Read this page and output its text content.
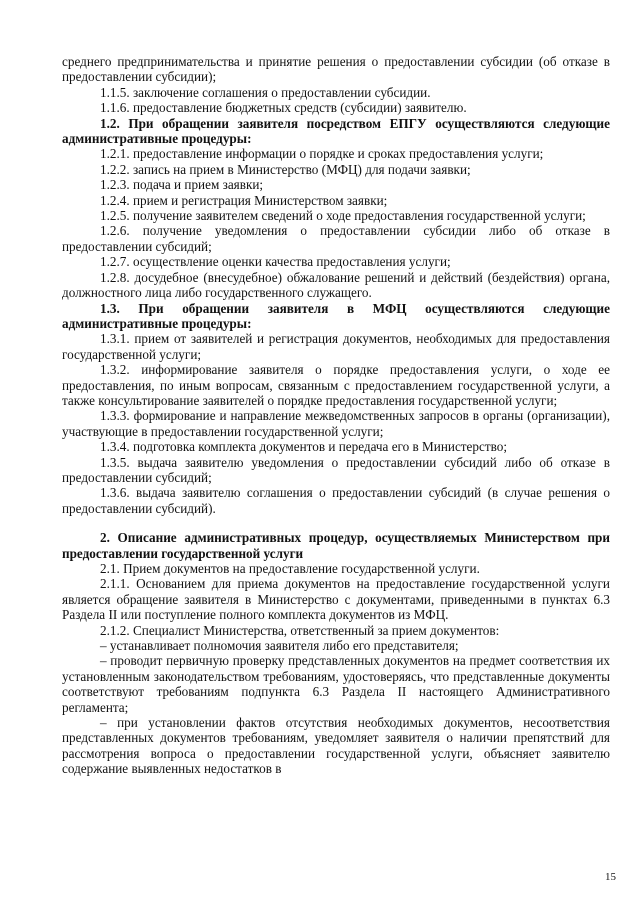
среднего предпринимательства и принятие решения о предоставлении субсидии (об отказе в предоставлении субсидии);

1.1.5. заключение соглашения о предоставлении субсидии.

1.1.6. предоставление бюджетных средств (субсидии) заявителю.

1.2. При обращении заявителя посредством ЕПГУ осуществляются следующие административные процедуры:

1.2.1. предоставление информации о порядке и сроках предоставления услуги;

1.2.2. запись на прием в Министерство (МФЦ) для подачи заявки;

1.2.3. подача и прием заявки;

1.2.4. прием и регистрация Министерством заявки;

1.2.5. получение заявителем сведений о ходе предоставления государственной услуги;

1.2.6. получение уведомления о предоставлении субсидии либо об отказе в предоставлении субсидий;

1.2.7. осуществление оценки качества предоставления услуги;

1.2.8. досудебное (внесудебное) обжалование решений и действий (бездействия) органа, должностного лица либо государственного служащего.

1.3. При обращении заявителя в МФЦ осуществляются следующие административные процедуры:

1.3.1. прием от заявителей и регистрация документов, необходимых для предоставления государственной услуги;

1.3.2. информирование заявителя о порядке предоставления услуги, о ходе ее предоставления, по иным вопросам, связанным с предоставлением государственной услуги, а также консультирование заявителей о порядке предоставления государственной услуги;

1.3.3. формирование и направление межведомственных запросов в органы (организации), участвующие в предоставлении государственной услуги;

1.3.4. подготовка комплекта документов и передача его в Министерство;

1.3.5. выдача заявителю уведомления о предоставлении субсидий либо об отказе в предоставлении субсидий;

1.3.6. выдача заявителю соглашения о предоставлении субсидий (в случае решения о предоставлении субсидий).

2. Описание административных процедур, осуществляемых Министерством при предоставлении государственной услуги

2.1. Прием документов на предоставление государственной услуги.

2.1.1. Основанием для приема документов на предоставление государственной услуги является обращение заявителя в Министерство с документами, приведенными в пунктах 6.3 Раздела II или поступление полного комплекта документов из МФЦ.

2.1.2. Специалист Министерства, ответственный за прием документов:

– устанавливает полномочия заявителя либо его представителя;

– проводит первичную проверку представленных документов на предмет соответствия их установленным законодательством требованиям, удостоверяясь, что представленные документы соответствуют требованиям подпункта 6.3 Раздела II настоящего Административного регламента;

– при установлении фактов отсутствия необходимых документов, несоответствия представленных документов требованиям, уведомляет заявителя о наличии препятствий для рассмотрения вопроса о предоставлении государственной услуги, объясняет заявителю содержание выявленных недостатков в

15
